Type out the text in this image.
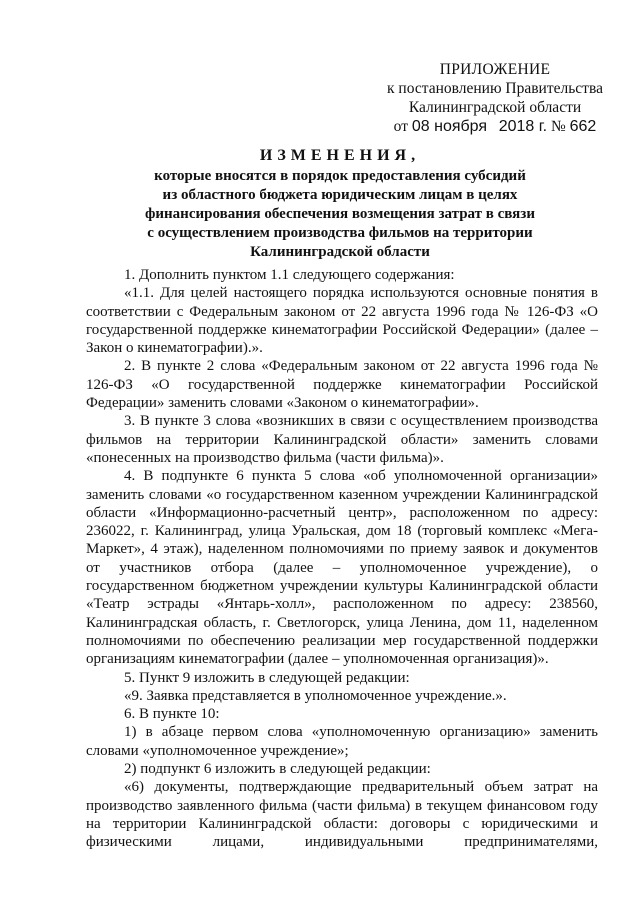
ПРИЛОЖЕНИЕ
к постановлению Правительства
Калининградской области
от 08 ноября 2018 г. № 662
ИЗМЕНЕНИЯ,
которые вносятся в порядок предоставления субсидий
из областного бюджета юридическим лицам в целях
финансирования обеспечения возмещения затрат в связи
с осуществлением производства фильмов на территории
Калининградской области

1. Дополнить пунктом 1.1 следующего содержания:

«1.1. Для целей настоящего порядка используются основные понятия в соответствии с Федеральным законом от 22 августа 1996 года № 126-ФЗ «О государственной поддержке кинематографии Российской Федерации» (далее – Закон о кинематографии).».

2. В пункте 2 слова «Федеральным законом от 22 августа 1996 года № 126-ФЗ «О государственной поддержке кинематографии Российской Федерации» заменить словами «Законом о кинематографии».

3. В пункте 3 слова «возникших в связи с осуществлением производства фильмов на территории Калининградской области» заменить словами «понесенных на производство фильма (части фильма)».

4. В подпункте 6 пункта 5 слова «об уполномоченной организации» заменить словами «о государственном казенном учреждении Калининградской области «Информационно-расчетный центр», расположенном по адресу: 236022, г. Калининград, улица Уральская, дом 18 (торговый комплекс «Мега-Маркет», 4 этаж), наделенном полномочиями по приему заявок и документов от участников отбора (далее – уполномоченное учреждение), о государственном бюджетном учреждении культуры Калининградской области «Театр эстрады «Янтарь-холл», расположенном по адресу: 238560, Калининградская область, г. Светлогорск, улица Ленина, дом 11, наделенном полномочиями по обеспечению реализации мер государственной поддержки организациям кинематографии (далее – уполномоченная организация)».

5. Пункт 9 изложить в следующей редакции:

«9. Заявка представляется в уполномоченное учреждение.».

6. В пункте 10:

1) в абзаце первом слова «уполномоченную организацию» заменить словами «уполномоченное учреждение»;

2) подпункт 6 изложить в следующей редакции:

«6) документы, подтверждающие предварительный объем затрат на производство заявленного фильма (части фильма) в текущем финансовом году на территории Калининградской области: договоры с юридическими и физическими лицами, индивидуальными предпринимателями,
